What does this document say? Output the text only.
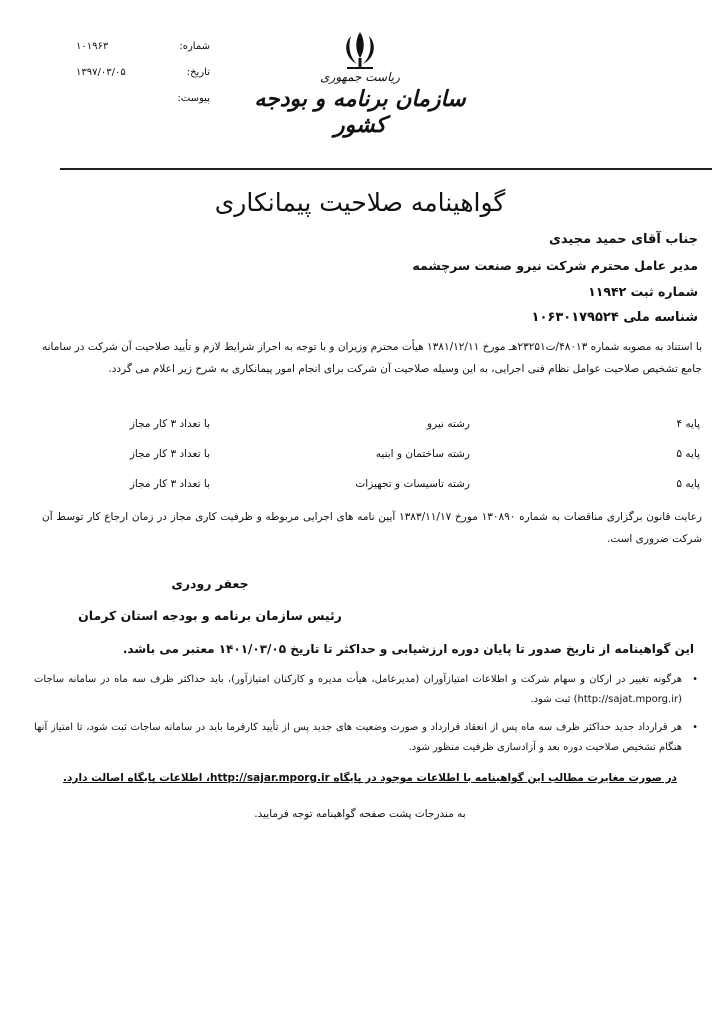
شماره:
۱۰۱۹۶۳
تاریخ:
۱۳۹۷/۰۳/۰۵
پیوست:
ریاست جمهوری
سازمان برنامه و بودجه کشور
گواهینامه صلاحیت پیمانکاری
جناب آقای حمید مجیدی
مدیر عامل محترم شرکت نیرو صنعت سرچشمه
شماره ثبت ۱۱۹۴۲
شناسه ملی ۱۰۶۳۰۱۷۹۵۲۴
با استناد به مصوبه شماره ۴۸۰۱۳/ت۲۳۲۵۱هـ مورخ ۱۳۸۱/۱۲/۱۱ هیأت محترم وزیران و با توجه به احراز شرایط لازم و تأیید صلاحیت آن شرکت در سامانه جامع تشخیص صلاحیت عوامل نظام فنی اجرایی، به این وسیله صلاحیت آن شرکت برای انجام امور پیمانکاری به شرح زیر اعلام می گردد.
پایه ۴
رشته نیرو
با تعداد ۳ کار مجاز
پایه ۵
رشته ساختمان و ابنیه
با تعداد ۳ کار مجاز
پایه ۵
رشته تاسیسات و تجهیزات
با تعداد ۳ کار مجاز
رعایت قانون برگزاری مناقصات به شماره ۱۳۰۸۹۰ مورخ ۱۳۸۳/۱۱/۱۷ آیین نامه های اجرایی مربوطه و ظرفیت کاری مجاز در زمان ارجاع کار توسط آن شرکت ضروری است.
جعفر رودری
رئیس سازمان برنامه و بودجه استان کرمان
این گواهینامه از تاریخ صدور تا پایان دوره ارزشیابی و حداکثر تا تاریخ ۱۴۰۱/۰۳/۰۵ معتبر می باشد.
•
هرگونه تغییر در ارکان و سهام شرکت و اطلاعات امتیازآوران (مدیرعامل، هیأت مدیره و کارکنان امتیازآور)، باید حداکثر ظرف سه ماه در سامانه ساجات (http://sajat.mporg.ir) ثبت شود.
•
هر قرارداد جدید حداکثر ظرف سه ماه پس از انعقاد قرارداد و صورت وضعیت های جدید پس از تأیید کارفرما باید در سامانه ساجات ثبت شود، تا امتیاز آنها هنگام تشخیص صلاحیت دوره بعد و آزادسازی ظرفیت منظور شود.
در صورت مغایرت مطالب این گواهینامه با اطلاعات موجود در پایگاه http://sajar.mporg.ir، اطلاعات پایگاه اصالت دارد.
به مندرجات پشت صفحه گواهینامه توجه فرمایید.
